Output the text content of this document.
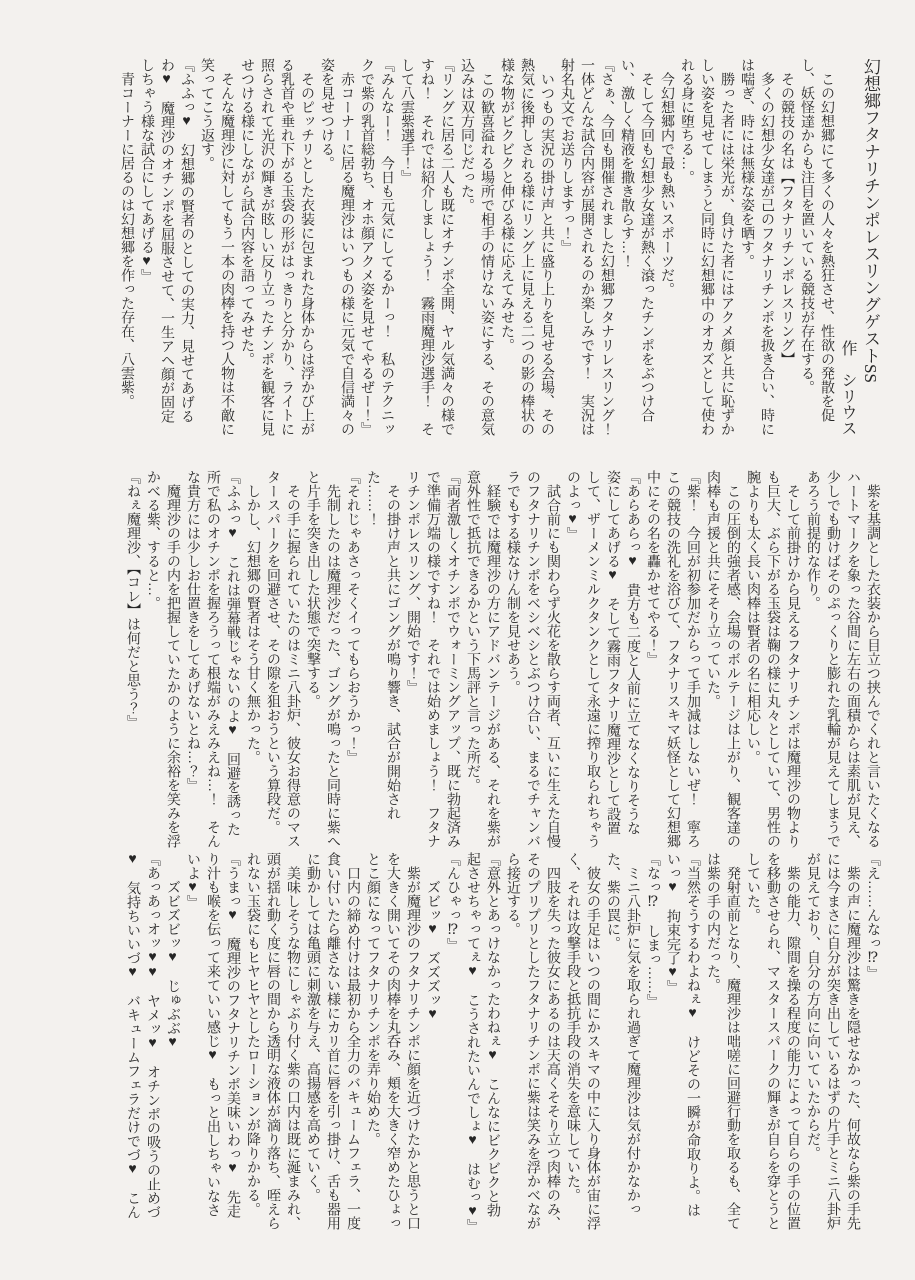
幻想郷フタナリチンポレスリングゲストSS

作　シリウス

　この幻想郷にて多くの人々を熱狂させ、性欲の発散を促し、妖怪達からも注目を置いている競技が存在する。

　その競技の名は【フタナリチンポレスリング】

　多くの幻想少女達が己のフタナリチンポを扱き合い、時には喘ぎ、時には無様な姿を晒す。

　勝った者には栄光が、負けた者にはアクメ顔と共に恥ずかしい姿を見せてしまうと同時に幻想郷中のオカズとして使われる身に堕ちる…。

　今幻想郷内で最も熱いスポーツだ。

　そして今回も幻想少女達が熱く滾ったチンポをぶつけ合い、激しく精液を撒き散らす…！

『さぁ、今回も開催されました幻想郷フタナリレスリング！　一体どんな試合内容が展開されるのか楽しみです！　実況は射名丸文でお送りしますっ！』

　いつもの実況の掛け声と共に盛り上りを見せる会場、その熱気に後押しされる様にリング上に見える二つの影の棒状の様な物がビクビクと伸びる様に応えてみせた。

　この歓喜溢れる場所で相手の情けない姿にする、その意気込みは双方同じだった。

『リングに居る二人も既にオチンポ全開、ヤル気満々の様ですね！　それでは紹介しましょう！　霧雨魔理沙選手！　そして八雲紫選手！』

『みんなー！　今日も元気にしてるかーっ！　私のテクニックで紫の乳首総勃ち、オホ顔アクメ姿を見せてやるぜー！』

　赤コーナーに居る魔理沙はいつもの様に元気で自信満々の姿を見せつける。

　そのピッチリとした衣装に包まれた身体からは浮かび上がる乳首や垂れ下がる玉袋の形がはっきりと分かり、ライトに照らされて光沢の輝きが眩しい反り立ったチンポを観客に見せつける様にしながら試合内容を語ってみせた。

　そんな魔理沙に対してもう一本の肉棒を持つ人物は不敵に笑ってこう返す。

『ふふっ♥　幻想郷の賢者のとしての実力、見せてあげるわ♥　魔理沙のオチンポを屈服させて、一生アヘ顔が固定しちゃう様な試合にしてあげる♥』

　青コーナーに居るのは幻想郷を作った存在、八雲紫。

　紫を基調とした衣装から目立つ挟んでくれと言いたくなるハートマークを象った谷間に左右の面積からは素肌が見え、少しでも動けばそのぷっくりと膨れた乳輪が見えてしまうであろう前提的な作り。

　そして前掛けから見えるフタナリチンポは魔理沙の物よりも巨大、ぶら下がる玉袋は鞠の様に丸々としていて、男性の腕よりも太く長い肉棒は賢者の名に相応しい。

　この圧倒的強者感、会場のボルテージは上がり、観客達の肉棒も声援と共にそそり立っていた。

『紫！　今回が初参加だからって手加減はしないぜ！　寧ろこの競技の洗礼を浴びて、フタナリスキマ妖怪として幻想郷中にその名を轟かせてやる！』

『あらあらっ♥　貴方も二度と人前に立てなくなりそうな姿にしてあげる♥　そして霧雨フタナリ魔理沙として設置して、ザーメンミルクタンクとして永遠に搾り取られちゃうのよっ♥』

　試合前にも関わらず火花を散らす両者、互いに生えた自慢のフタナリチンポをベシベシとぶつけ合い、まるでチャンバラでもする様なけん制を見せあう。

　経験では魔理沙の方にアドバンテージがある、それを紫が意外性で抵抗できるかという下馬評と言った所だ。

『両者激しくオチンポでウォーミングアップ、既に勃起済みで準備万端の様ですね！　それでは始めましょう！　フタナリチンポレスリング、開始です！』

　その掛け声と共にゴングが鳴り響き、試合が開始された……！

『それじゃあさっそくイってもらおうかっ！』

　先制したのは魔理沙だった、ゴングが鳴ったと同時に紫へと片手を突き出した状態で突撃する。

　その手に握られていたのはミニ八卦炉、彼女お得意のマスタースパークを回避させ、その隙を狙おうという算段だ。

　しかし、幻想郷の賢者はそう甘く無かった。

『ふふっ♥　これは弾幕戦じゃないのよ♥　回避を誘った所で私のオチンポを握ろうって根端がみえみえね…！　そんな貴方には少しお仕置きをしてあげないとね…？』

　魔理沙の手の内を把握していたかのように余裕を笑みを浮かべる紫、すると…。

『ねぇ魔理沙、【コレ】は何だと思う？』

『え……んなっ⁉』

　紫の声に魔理沙は驚きを隠せなかった、何故なら紫の手先には今まさに自分が突き出しているはずの片手とミニ八卦炉が見えており、自分の方向に向いていたからだ。

　紫の能力、隙間を操る程度の能力によって自らの手の位置を移動させられ、マスタースパークの輝きが自らを穿とうとしていた。

　発射直前となり、魔理沙は咄嗟に回避行動を取るも、全ては紫の手の内だった。

『当然そうするわよねぇ♥　けどその一瞬が命取りよ。はいっ♥　拘束完了♥』

『なっ⁉　しまっ……』

　ミニ八卦炉に気を取られ過ぎて魔理沙は気が付かなかった、紫の罠に。

　彼女の手足はいつの間にかスキマの中に入り身体が宙に浮く、それは攻撃手段と抵抗手段の消失を意味していた。

　四肢を失った彼女にあるのは天高くそそり立つ肉棒のみ、そのプリプリとしたフタナリチンポに紫は笑みを浮かべながら接近する。

『意外とあっけなかったわねぇ♥　こんなにビクビクと勃起させちゃってぇ♥　こうされたいんでしょ♥　はむっ♥』

『んひゃっ⁉』

　　ズビッ♥　ズズズッ♥

　紫が魔理沙のフタナリチンポに顔を近づけたかと思うと口を大きく開いてその肉棒を丸呑み、頬を大きく窄めたひょっとこ顔になってフタナリチンポを弄り始めた。

　口内の締め付けは最初から全力のバキュームフェラ、一度食い付いたら離さない様にカリ首に唇を引っ掛け、舌も器用に動かしては亀頭に刺激を与え、高揚感を高めていく。

　美味しそうな物にしゃぶり付く紫の口内は既に涎まみれ、頭が揺れ動く度に唇の間から透明な液体が滴り落ち、咥えられない玉袋にもヒヤヒヤとしたローションが降りかかる。

『うまっ♥　魔理沙のフタナリチンポ美味いわっ♥　先走り汁も喉を伝って来ていい感じ♥　もっと出しちゃいなさいよ♥』

　　ズビズビッ♥　じゅぶぶ♥

『あっあっオッ♥♥　ヤメッ♥　オチンポの吸うの止めづ♥　気持ちいいづ♥　バキュームフェラだけでづ♥　こん
